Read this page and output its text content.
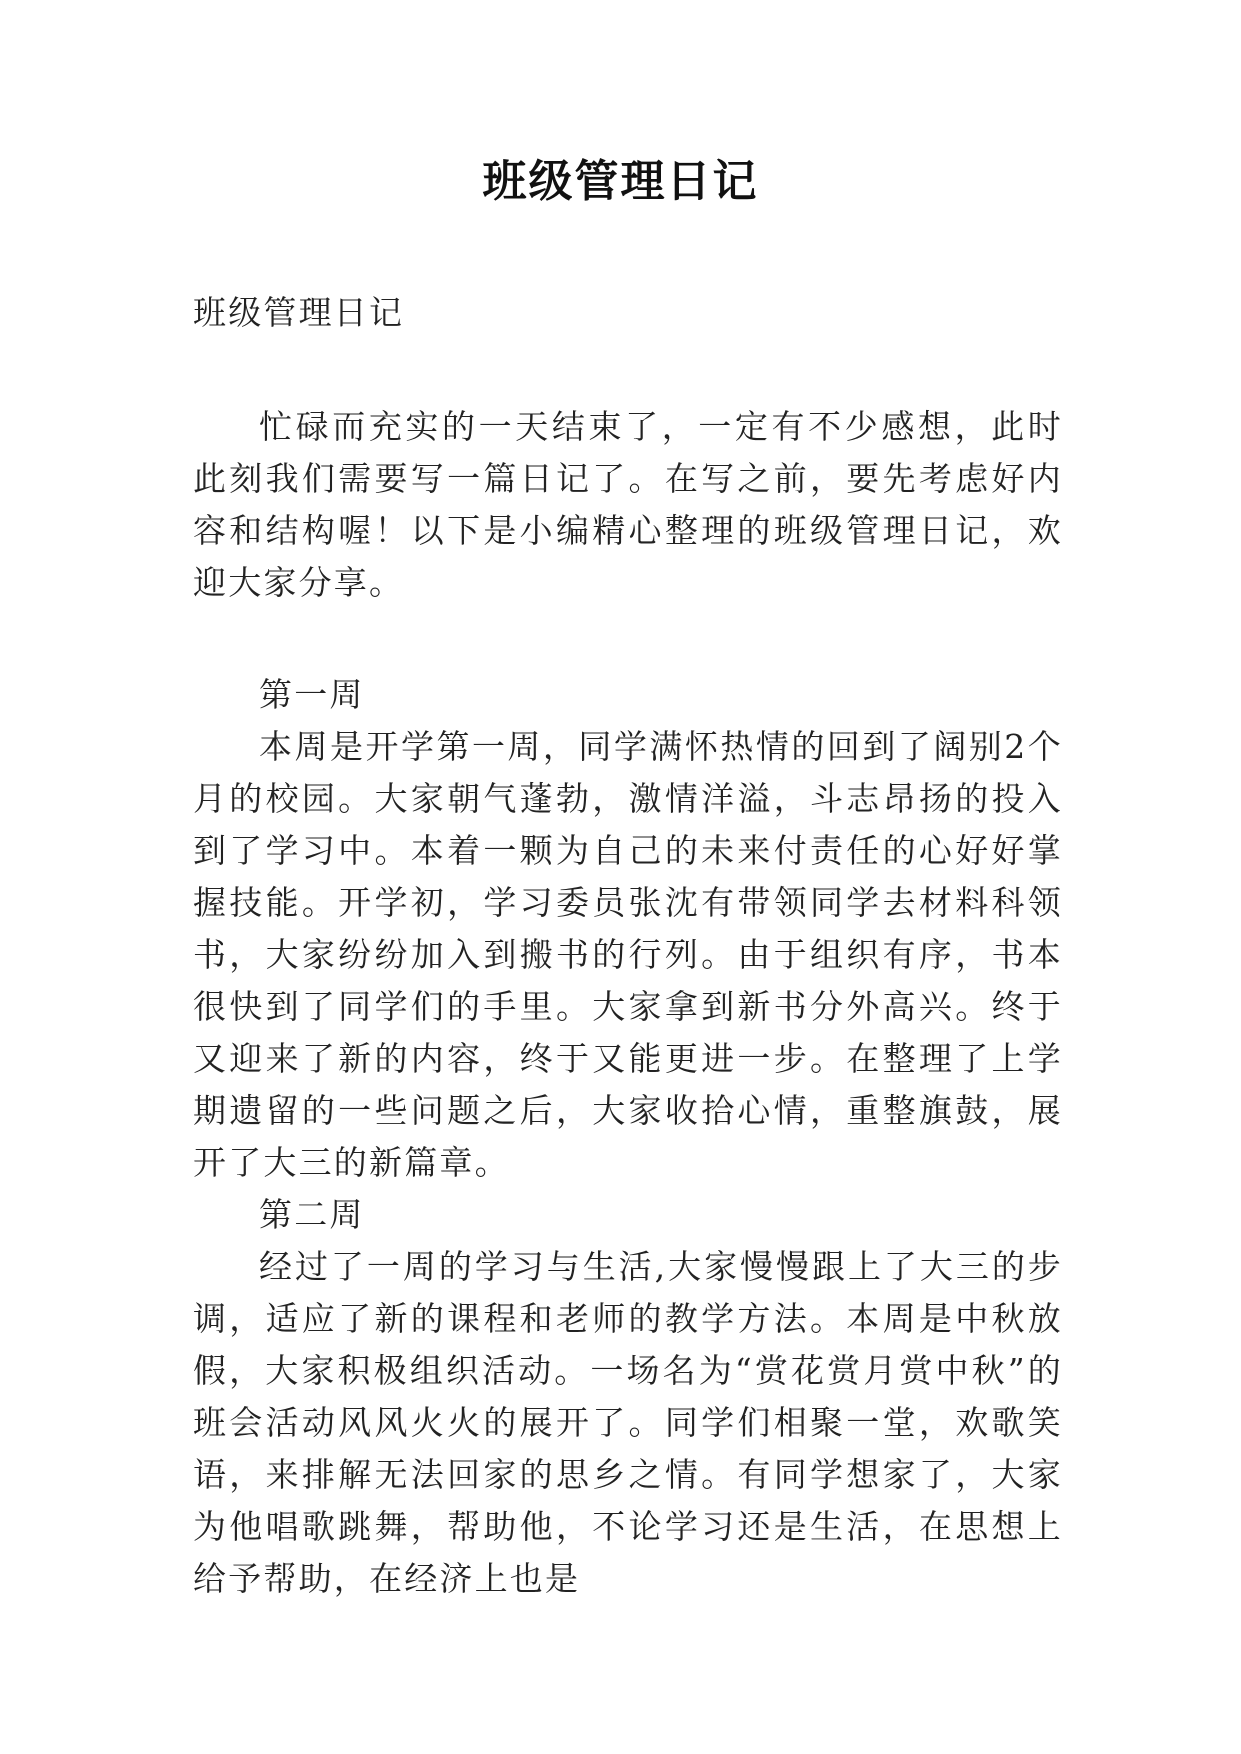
班级管理日记

班级管理日记

忙碌而充实的一天结束了，一定有不少感想，此时此刻我们需要写一篇日记了。在写之前，要先考虑好内容和结构喔！以下是小编精心整理的班级管理日记，欢迎大家分享。

第一周

本周是开学第一周，同学满怀热情的回到了阔别2个月的校园。大家朝气蓬勃，激情洋溢，斗志昂扬的投入到了学习中。本着一颗为自己的未来付责任的心好好掌握技能。开学初，学习委员张沈有带领同学去材料科领书，大家纷纷加入到搬书的行列。由于组织有序，书本很快到了同学们的手里。大家拿到新书分外高兴。终于又迎来了新的内容，终于又能更进一步。在整理了上学期遗留的一些问题之后，大家收拾心情，重整旗鼓，展开了大三的新篇章。

第二周

经过了一周的学习与生活,大家慢慢跟上了大三的步调，适应了新的课程和老师的教学方法。本周是中秋放假，大家积极组织活动。一场名为“赏花赏月赏中秋”的班会活动风风火火的展开了。同学们相聚一堂，欢歌笑语，来排解无法回家的思乡之情。有同学想家了，大家为他唱歌跳舞，帮助他，不论学习还是生活，在思想上给予帮助，在经济上也是
